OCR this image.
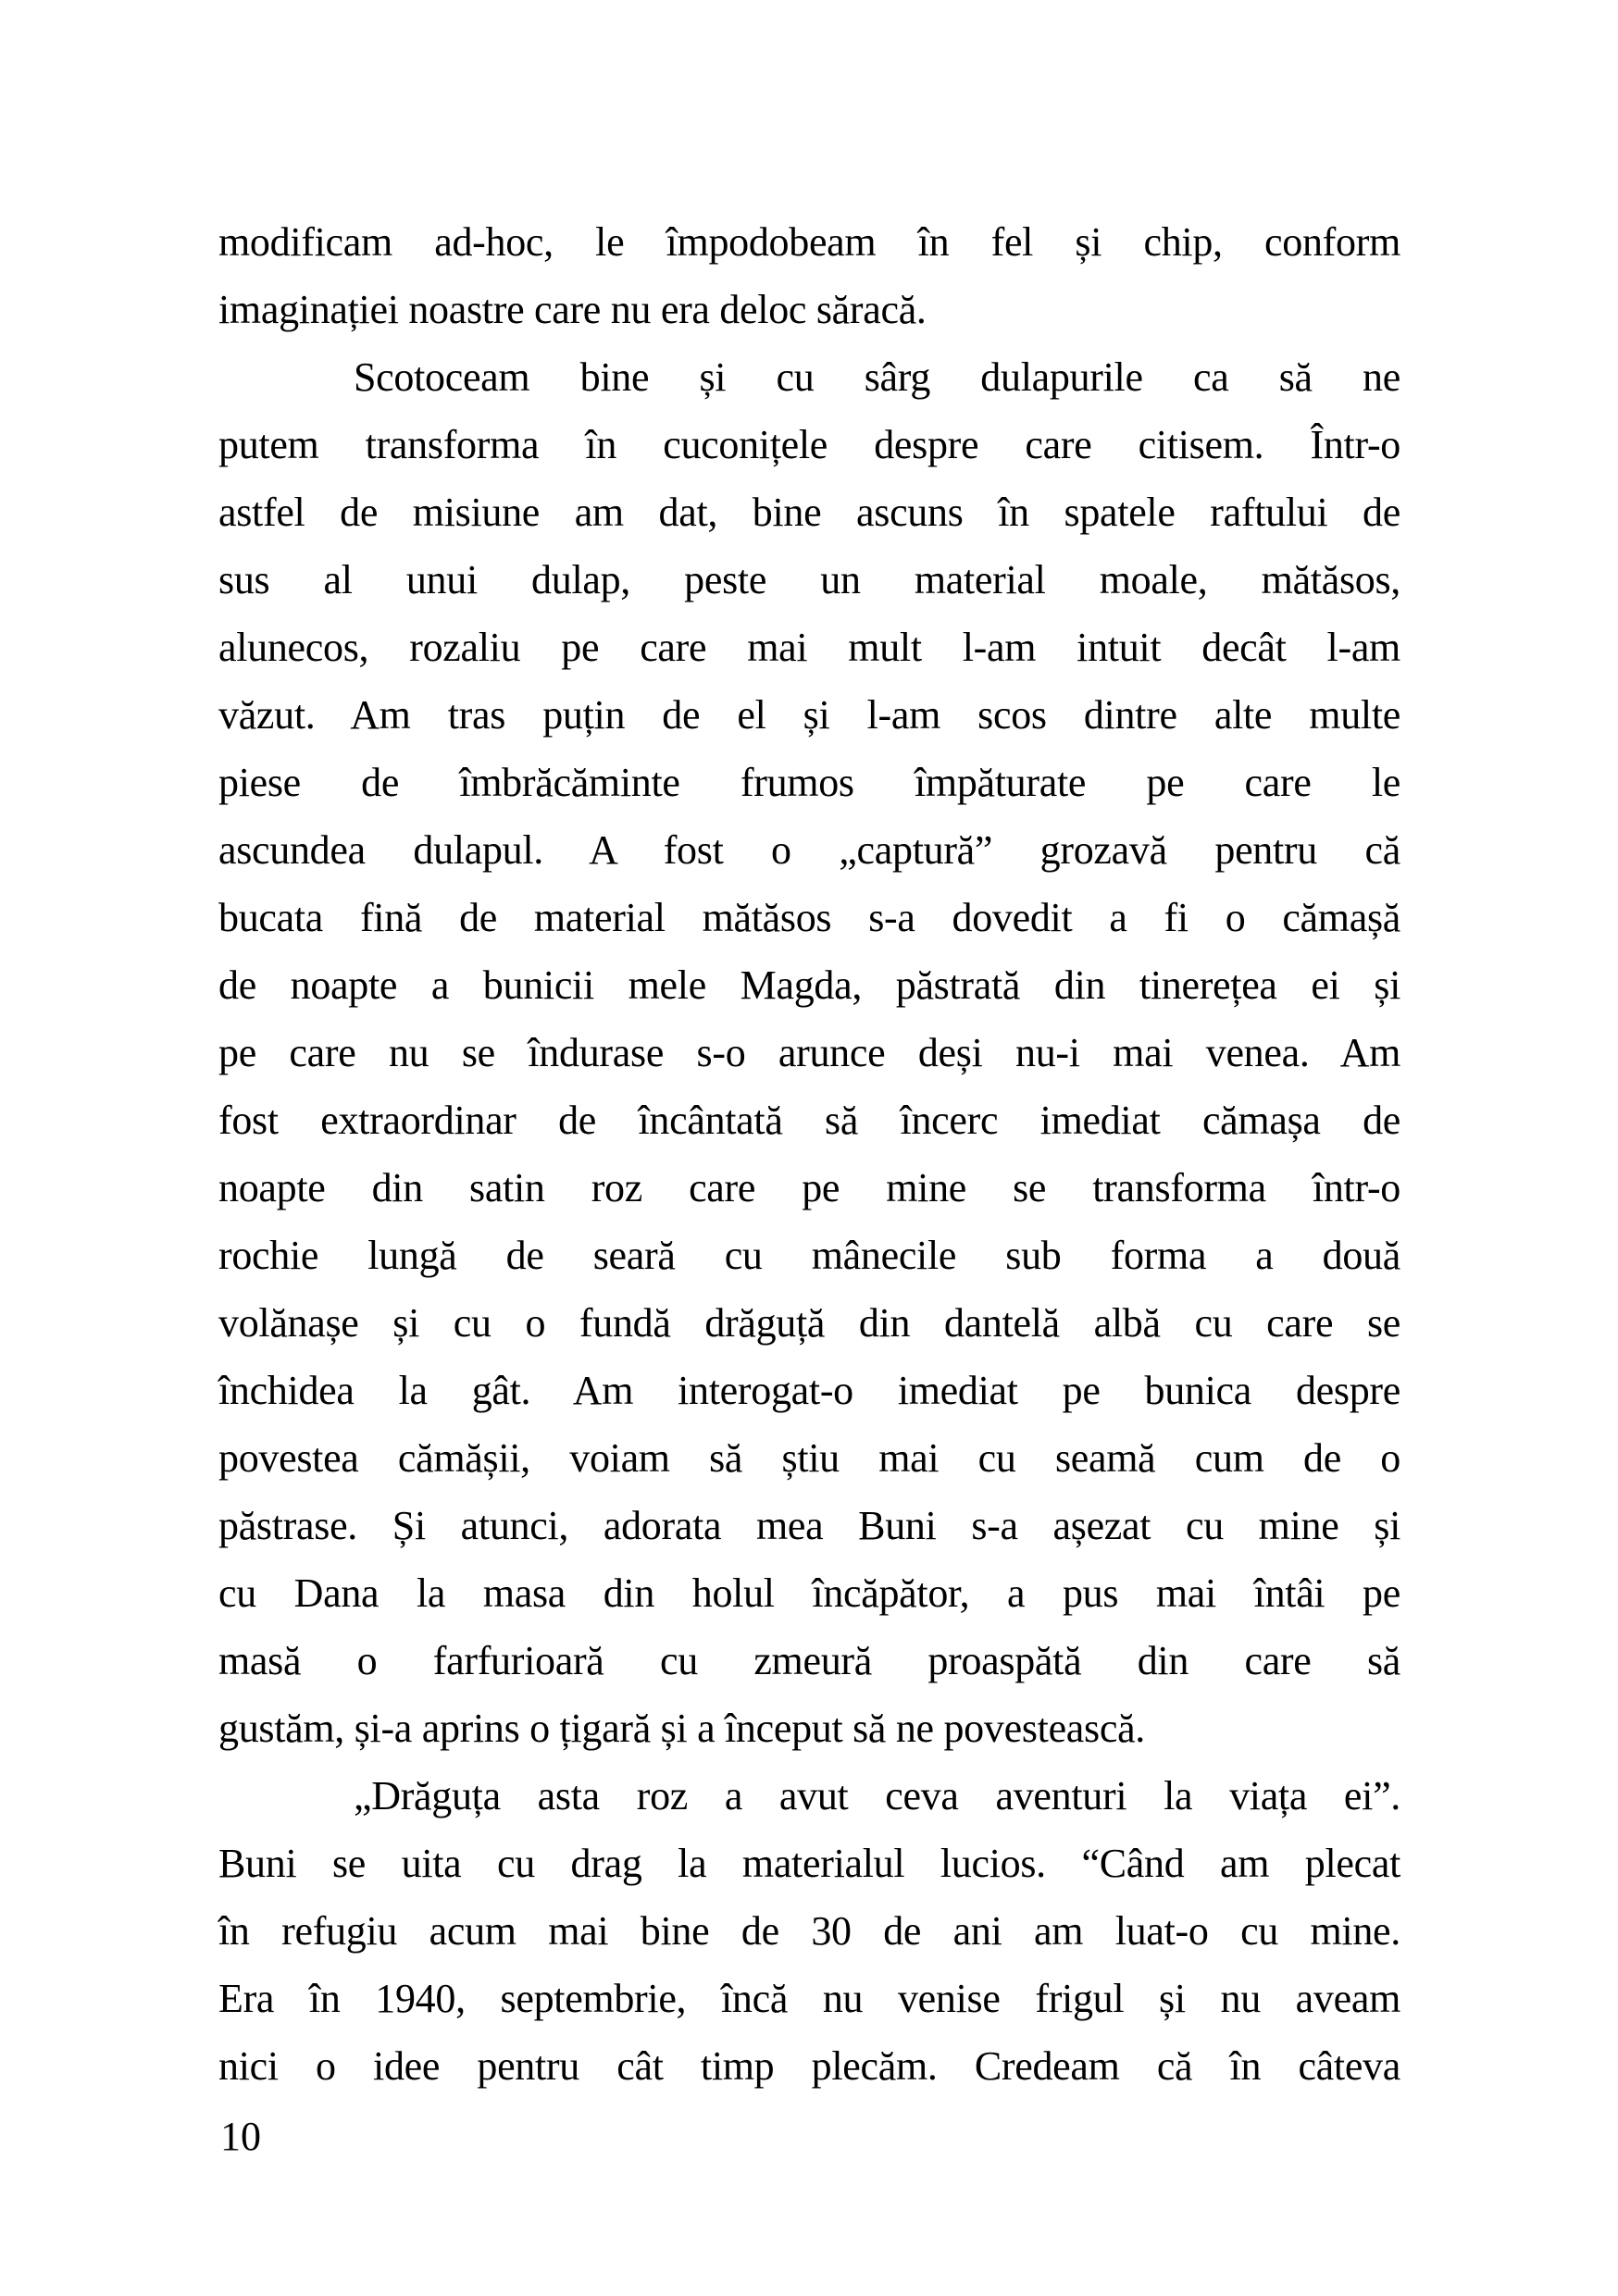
modificam ad-hoc, le împodobeam în fel și chip, conform
imaginației noastre care nu era deloc săracă.
Scotoceam bine și cu sârg dulapurile ca să ne
putem transforma în cuconițele despre care citisem. Într-o
astfel de misiune am dat, bine ascuns în spatele raftului de
sus al unui dulap, peste un material moale, mătăsos,
alunecos, rozaliu pe care mai mult l-am intuit decât l-am
văzut. Am tras puțin de el și l-am scos dintre alte multe
piese de îmbrăcăminte frumos împăturate pe care le
ascundea dulapul. A fost o „captură” grozavă pentru că
bucata fină de material mătăsos s-a dovedit a fi o cămașă
de noapte a bunicii mele Magda, păstrată din tinerețea ei și
pe care nu se îndurase s-o arunce deși nu-i mai venea. Am
fost extraordinar de încântată să încerc imediat cămașa de
noapte din satin roz care pe mine se transforma într-o
rochie lungă de seară cu mânecile sub forma a două
volănașe și cu o fundă drăguță din dantelă albă cu care se
închidea la gât. Am interogat-o imediat pe bunica despre
povestea cămășii, voiam să știu mai cu seamă cum de o
păstrase. Și atunci, adorata mea Buni s-a așezat cu mine și
cu Dana la masa din holul încăpător, a pus mai întâi pe
masă o farfurioară cu zmeură proaspătă din care să
gustăm, și-a aprins o țigară și a început să ne povestească.
„Drăguța asta roz a avut ceva aventuri la viața ei”.
Buni se uita cu drag la materialul lucios. “Când am plecat
în refugiu acum mai bine de 30 de ani am luat-o cu mine.
Era în 1940, septembrie, încă nu venise frigul și nu aveam
nici o idee pentru cât timp plecăm. Credeam că în câteva
10
